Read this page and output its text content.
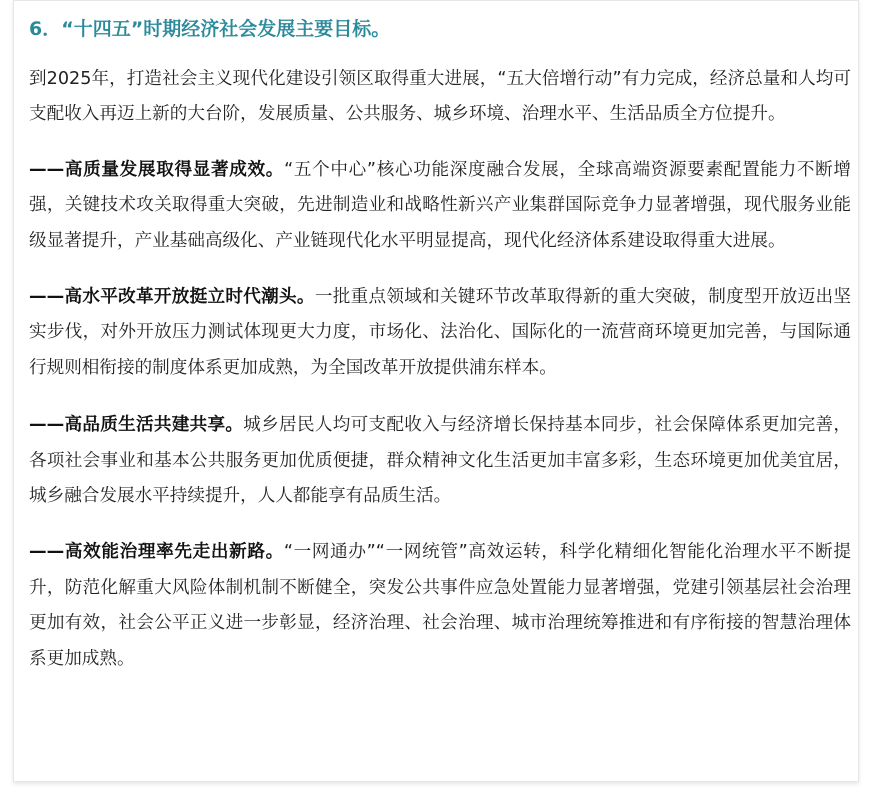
6．“十四五”时期经济社会发展主要目标。

到2025年，打造社会主义现代化建设引领区取得重大进展，“五大倍增行动”有力完成，经济总量和人均可支配收入再迈上新的大台阶，发展质量、公共服务、城乡环境、治理水平、生活品质全方位提升。

——高质量发展取得显著成效。“五个中心”核心功能深度融合发展，全球高端资源要素配置能力不断增强，关键技术攻关取得重大突破，先进制造业和战略性新兴产业集群国际竞争力显著增强，现代服务业能级显著提升，产业基础高级化、产业链现代化水平明显提高，现代化经济体系建设取得重大进展。

——高水平改革开放挺立时代潮头。一批重点领域和关键环节改革取得新的重大突破，制度型开放迈出坚实步伐，对外开放压力测试体现更大力度，市场化、法治化、国际化的一流营商环境更加完善，与国际通行规则相衔接的制度体系更加成熟，为全国改革开放提供浦东样本。

——高品质生活共建共享。城乡居民人均可支配收入与经济增长保持基本同步，社会保障体系更加完善，各项社会事业和基本公共服务更加优质便捷，群众精神文化生活更加丰富多彩，生态环境更加优美宜居，城乡融合发展水平持续提升，人人都能享有品质生活。

——高效能治理率先走出新路。“一网通办”“一网统管”高效运转，科学化精细化智能化治理水平不断提升，防范化解重大风险体制机制不断健全，突发公共事件应急处置能力显著增强，党建引领基层社会治理更加有效，社会公平正义进一步彰显，经济治理、社会治理、城市治理统筹推进和有序衔接的智慧治理体系更加成熟。
